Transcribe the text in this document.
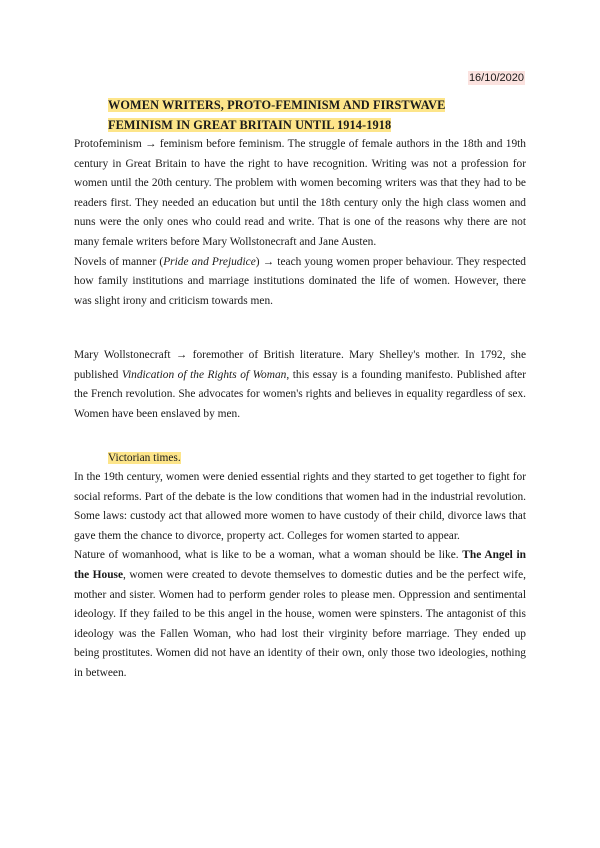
16/10/2020
WOMEN WRITERS, PROTO-FEMINISM AND FIRSTWAVE
FEMINISM IN GREAT BRITAIN UNTIL 1914-1918

Protofeminism → feminism before feminism. The struggle of female authors in the 18th and 19th century in Great Britain to have the right to have recognition. Writing was not a profession for women until the 20th century. The problem with women becoming writers was that they had to be readers first. They needed an education but until the 18th century only the high class women and nuns were the only ones who could read and write. That is one of the reasons why there are not many female writers before Mary Wollstonecraft and Jane Austen.

Novels of manner (Pride and Prejudice) → teach young women proper behaviour. They respected how family institutions and marriage institutions dominated the life of women. However, there was slight irony and criticism towards men.

Mary Wollstonecraft → foremother of British literature. Mary Shelley's mother. In 1792, she published Vindication of the Rights of Woman, this essay is a founding manifesto. Published after the French revolution. She advocates for women's rights and believes in equality regardless of sex. Women have been enslaved by men.

Victorian times.

In the 19th century, women were denied essential rights and they started to get together to fight for social reforms. Part of the debate is the low conditions that women had in the industrial revolution. Some laws: custody act that allowed more women to have custody of their child, divorce laws that gave them the chance to divorce, property act. Colleges for women started to appear.

Nature of womanhood, what is like to be a woman, what a woman should be like. The Angel in the House, women were created to devote themselves to domestic duties and be the perfect wife, mother and sister. Women had to perform gender roles to please men. Oppression and sentimental ideology. If they failed to be this angel in the house, women were spinsters. The antagonist of this ideology was the Fallen Woman, who had lost their virginity before marriage. They ended up being prostitutes. Women did not have an identity of their own, only those two ideologies, nothing in between.
